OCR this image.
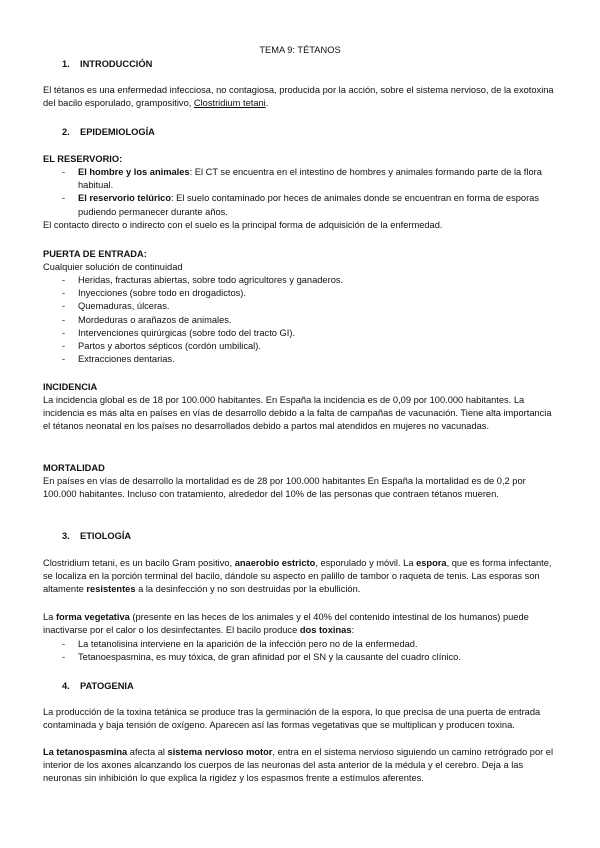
TEMA 9: TÉTANOS
1. INTRODUCCIÓN
El tétanos es una enfermedad infecciosa, no contagiosa, producida por la acción, sobre el sistema nervioso, de la exotoxina del bacilo esporulado, grampositivo, Clostridium tetani.
2. EPIDEMIOLOGÍA
EL RESERVORIO:
- El hombre y los animales: El CT se encuentra en el intestino de hombres y animales formando parte de la flora habitual.
- El reservorio telúrico: El suelo contaminado por heces de animales donde se encuentran en forma de esporas pudiendo permanecer durante años.
El contacto directo o indirecto con el suelo es la principal forma de adquisición de la enfermedad.
PUERTA DE ENTRADA:
Cualquier solución de continuidad
- Heridas, fracturas abiertas, sobre todo agricultores y ganaderos.
- Inyecciones (sobre todo en drogadictos).
- Quemaduras, úlceras.
- Mordeduras o arañazos de animales.
- Intervenciones quirúrgicas (sobre todo del tracto GI).
- Partos y abortos sépticos (cordón umbilical).
- Extracciones dentarias.
INCIDENCIA
La incidencia global es de 18 por 100.000 habitantes. En España la incidencia es de 0,09 por 100.000 habitantes. La incidencia es más alta en países en vías de desarrollo debido a la falta de campañas de vacunación. Tiene alta importancia el tétanos neonatal en los países no desarrollados debido a partos mal atendidos en mujeres no vacunadas.
MORTALIDAD
En países en vías de desarrollo la mortalidad es de 28 por 100.000 habitantes En España la mortalidad es de 0,2 por 100.000 habitantes. Incluso con tratamiento, alrededor del 10% de las personas que contraen tétanos mueren.
3. ETIOLOGÍA
Clostridium tetani, es un bacilo Gram positivo, anaerobio estricto, esporulado y móvil. La espora, que es forma infectante, se localiza en la porción terminal del bacilo, dándole su aspecto en palillo de tambor o raqueta de tenis. Las esporas son altamente resistentes a la desinfección y no son destruidas por la ebullición.
La forma vegetativa (presente en las heces de los animales y el 40% del contenido intestinal de los humanos) puede inactivarse por el calor o los desinfectantes. El bacilo produce dos toxinas:
- La tetanolisina interviene en la aparición de la infección pero no de la enfermedad.
- Tetanoespasmina, es muy tóxica, de gran afinidad por el SN y la causante del cuadro clínico.
4. PATOGENIA
La producción de la toxina tetánica se produce tras la germinación de la espora, lo que precisa de una puerta de entrada contaminada y baja tensión de oxígeno. Aparecen así las formas vegetativas que se multiplican y producen toxina.
La tetanospasmina afecta al sistema nervioso motor, entra en el sistema nervioso siguiendo un camino retrógrado por el interior de los axones alcanzando los cuerpos de las neuronas del asta anterior de la médula y el cerebro. Deja a las neuronas sin inhibición lo que explica la rigidez y los espasmos frente a estímulos aferentes.
